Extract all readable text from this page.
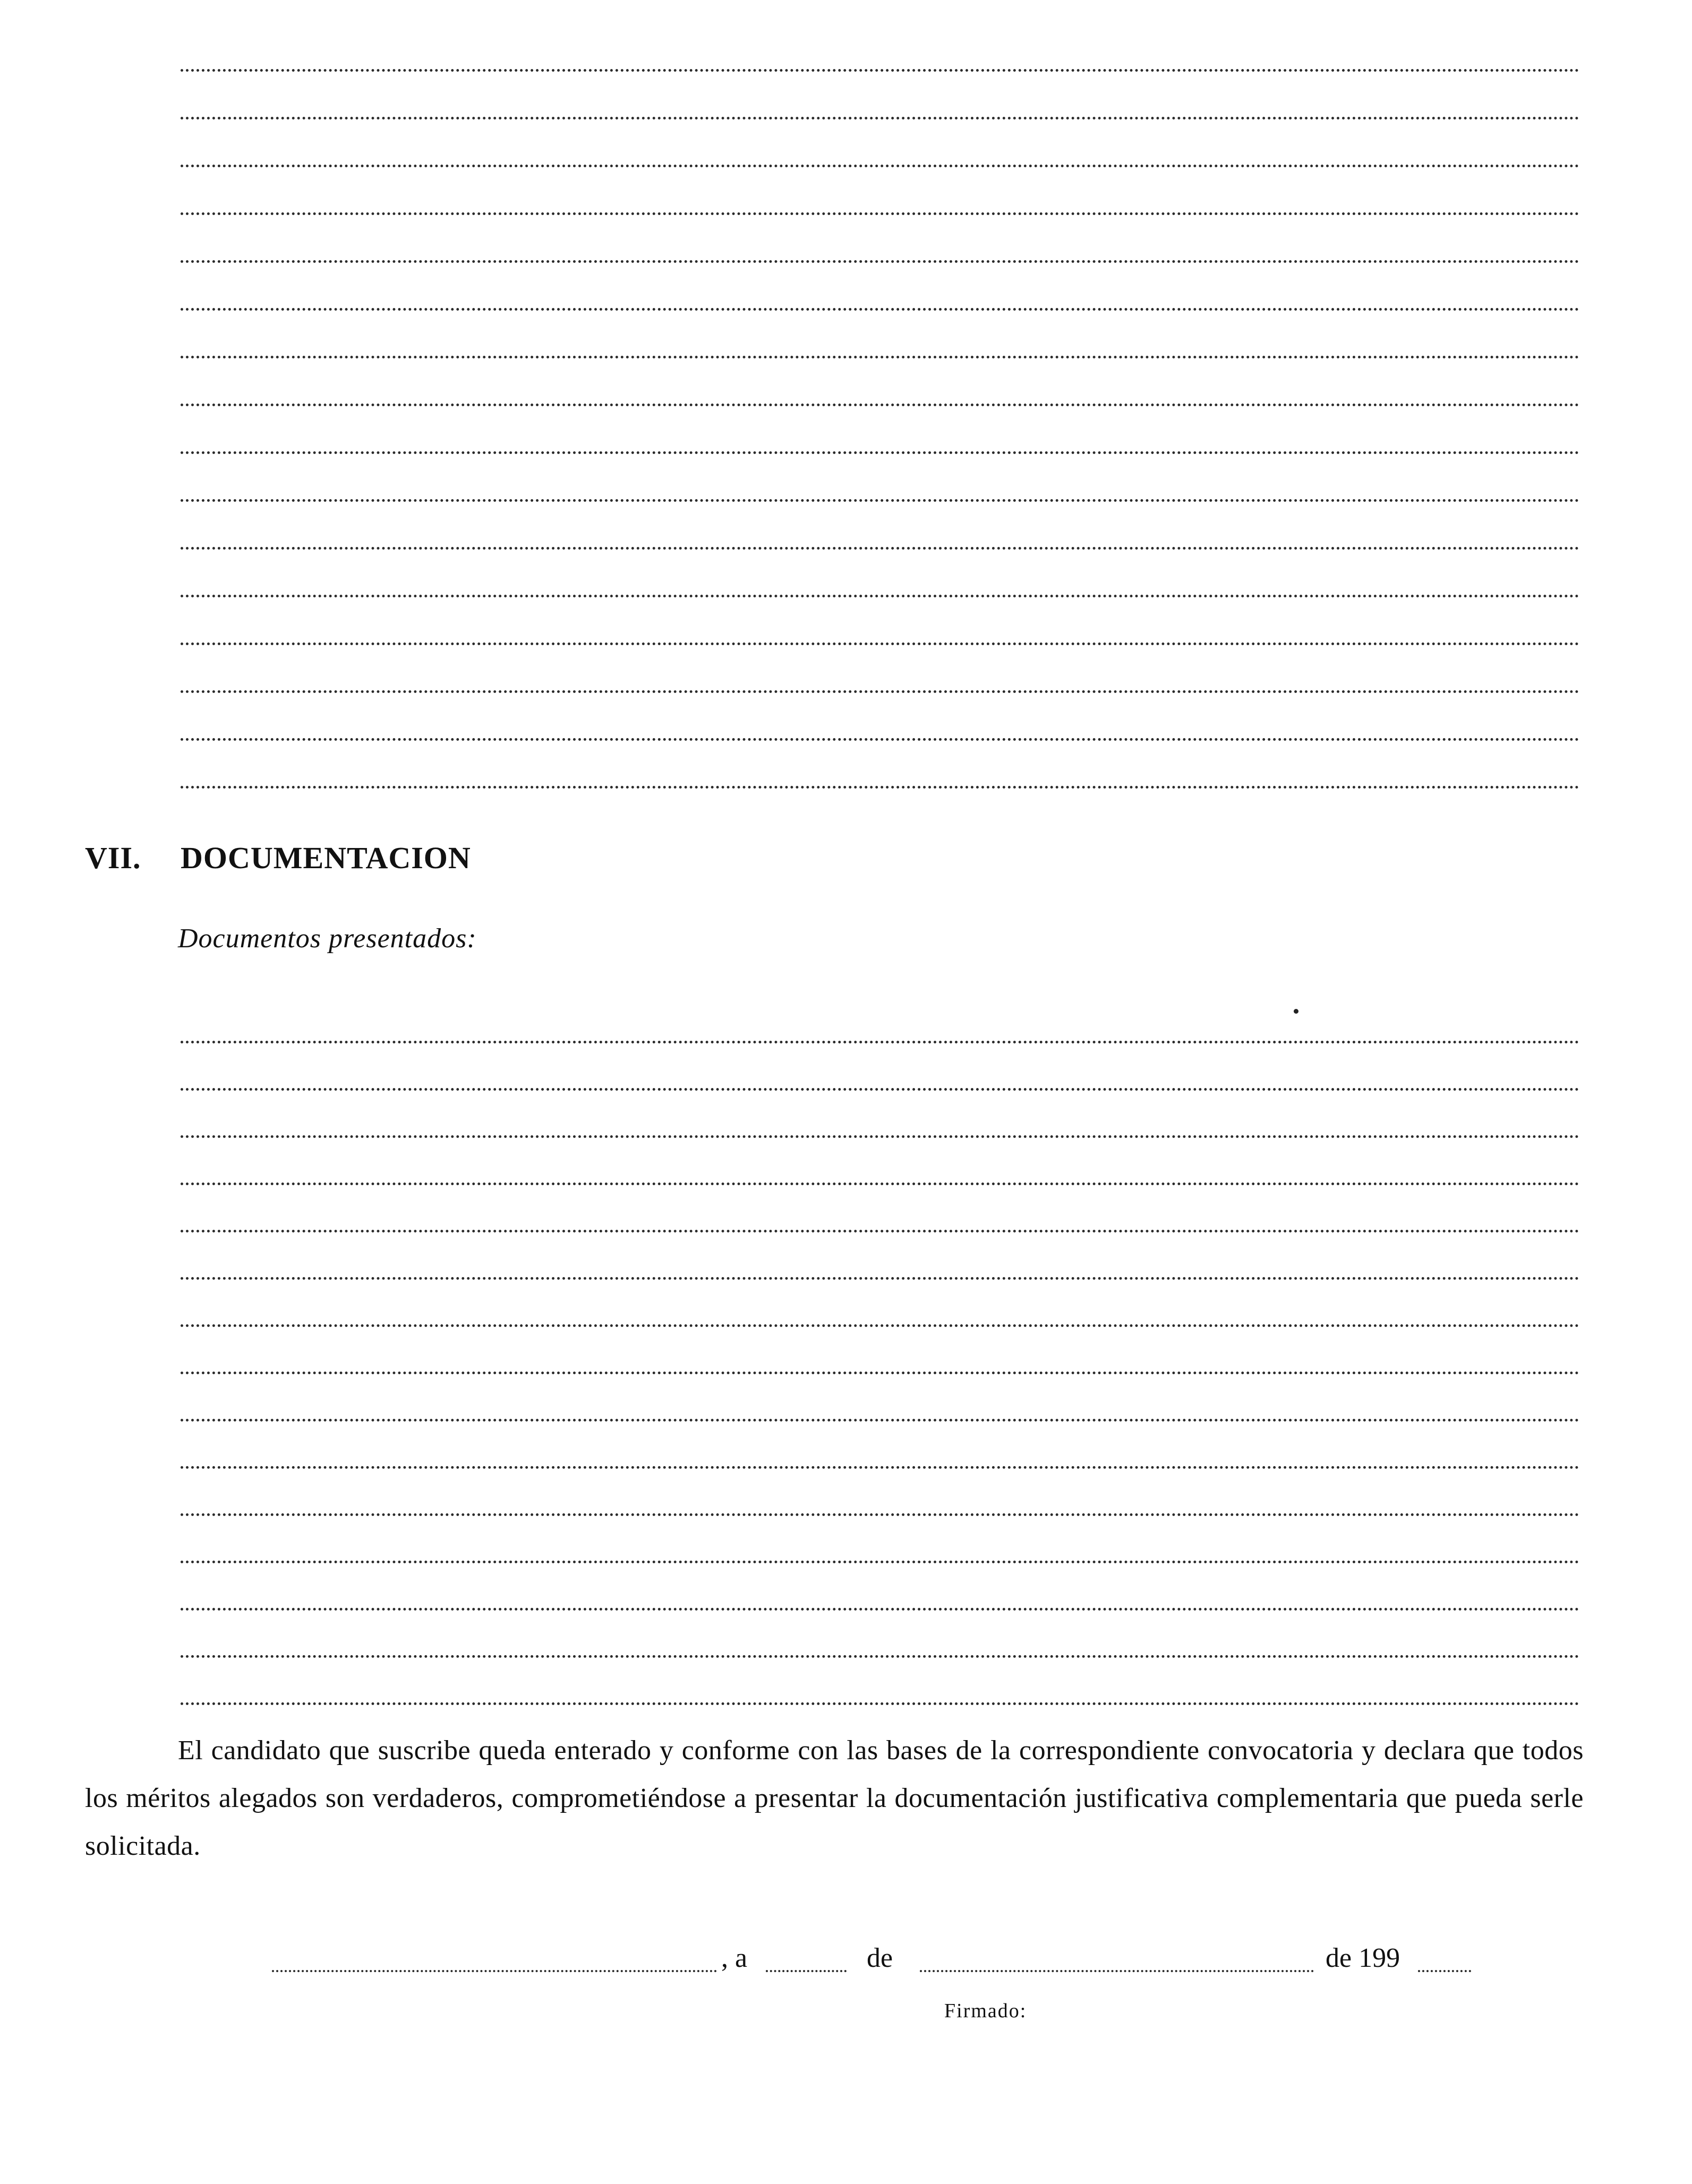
VII. DOCUMENTACION
Documentos presentados:
El candidato que suscribe queda enterado y conforme con las bases de la correspondiente convocatoria y declara que todos los méritos alegados son verdaderos, comprometiéndose a presentar la documentación justificativa complementaria que pueda serle solicitada.
, a	de	de 199
Firmado:
